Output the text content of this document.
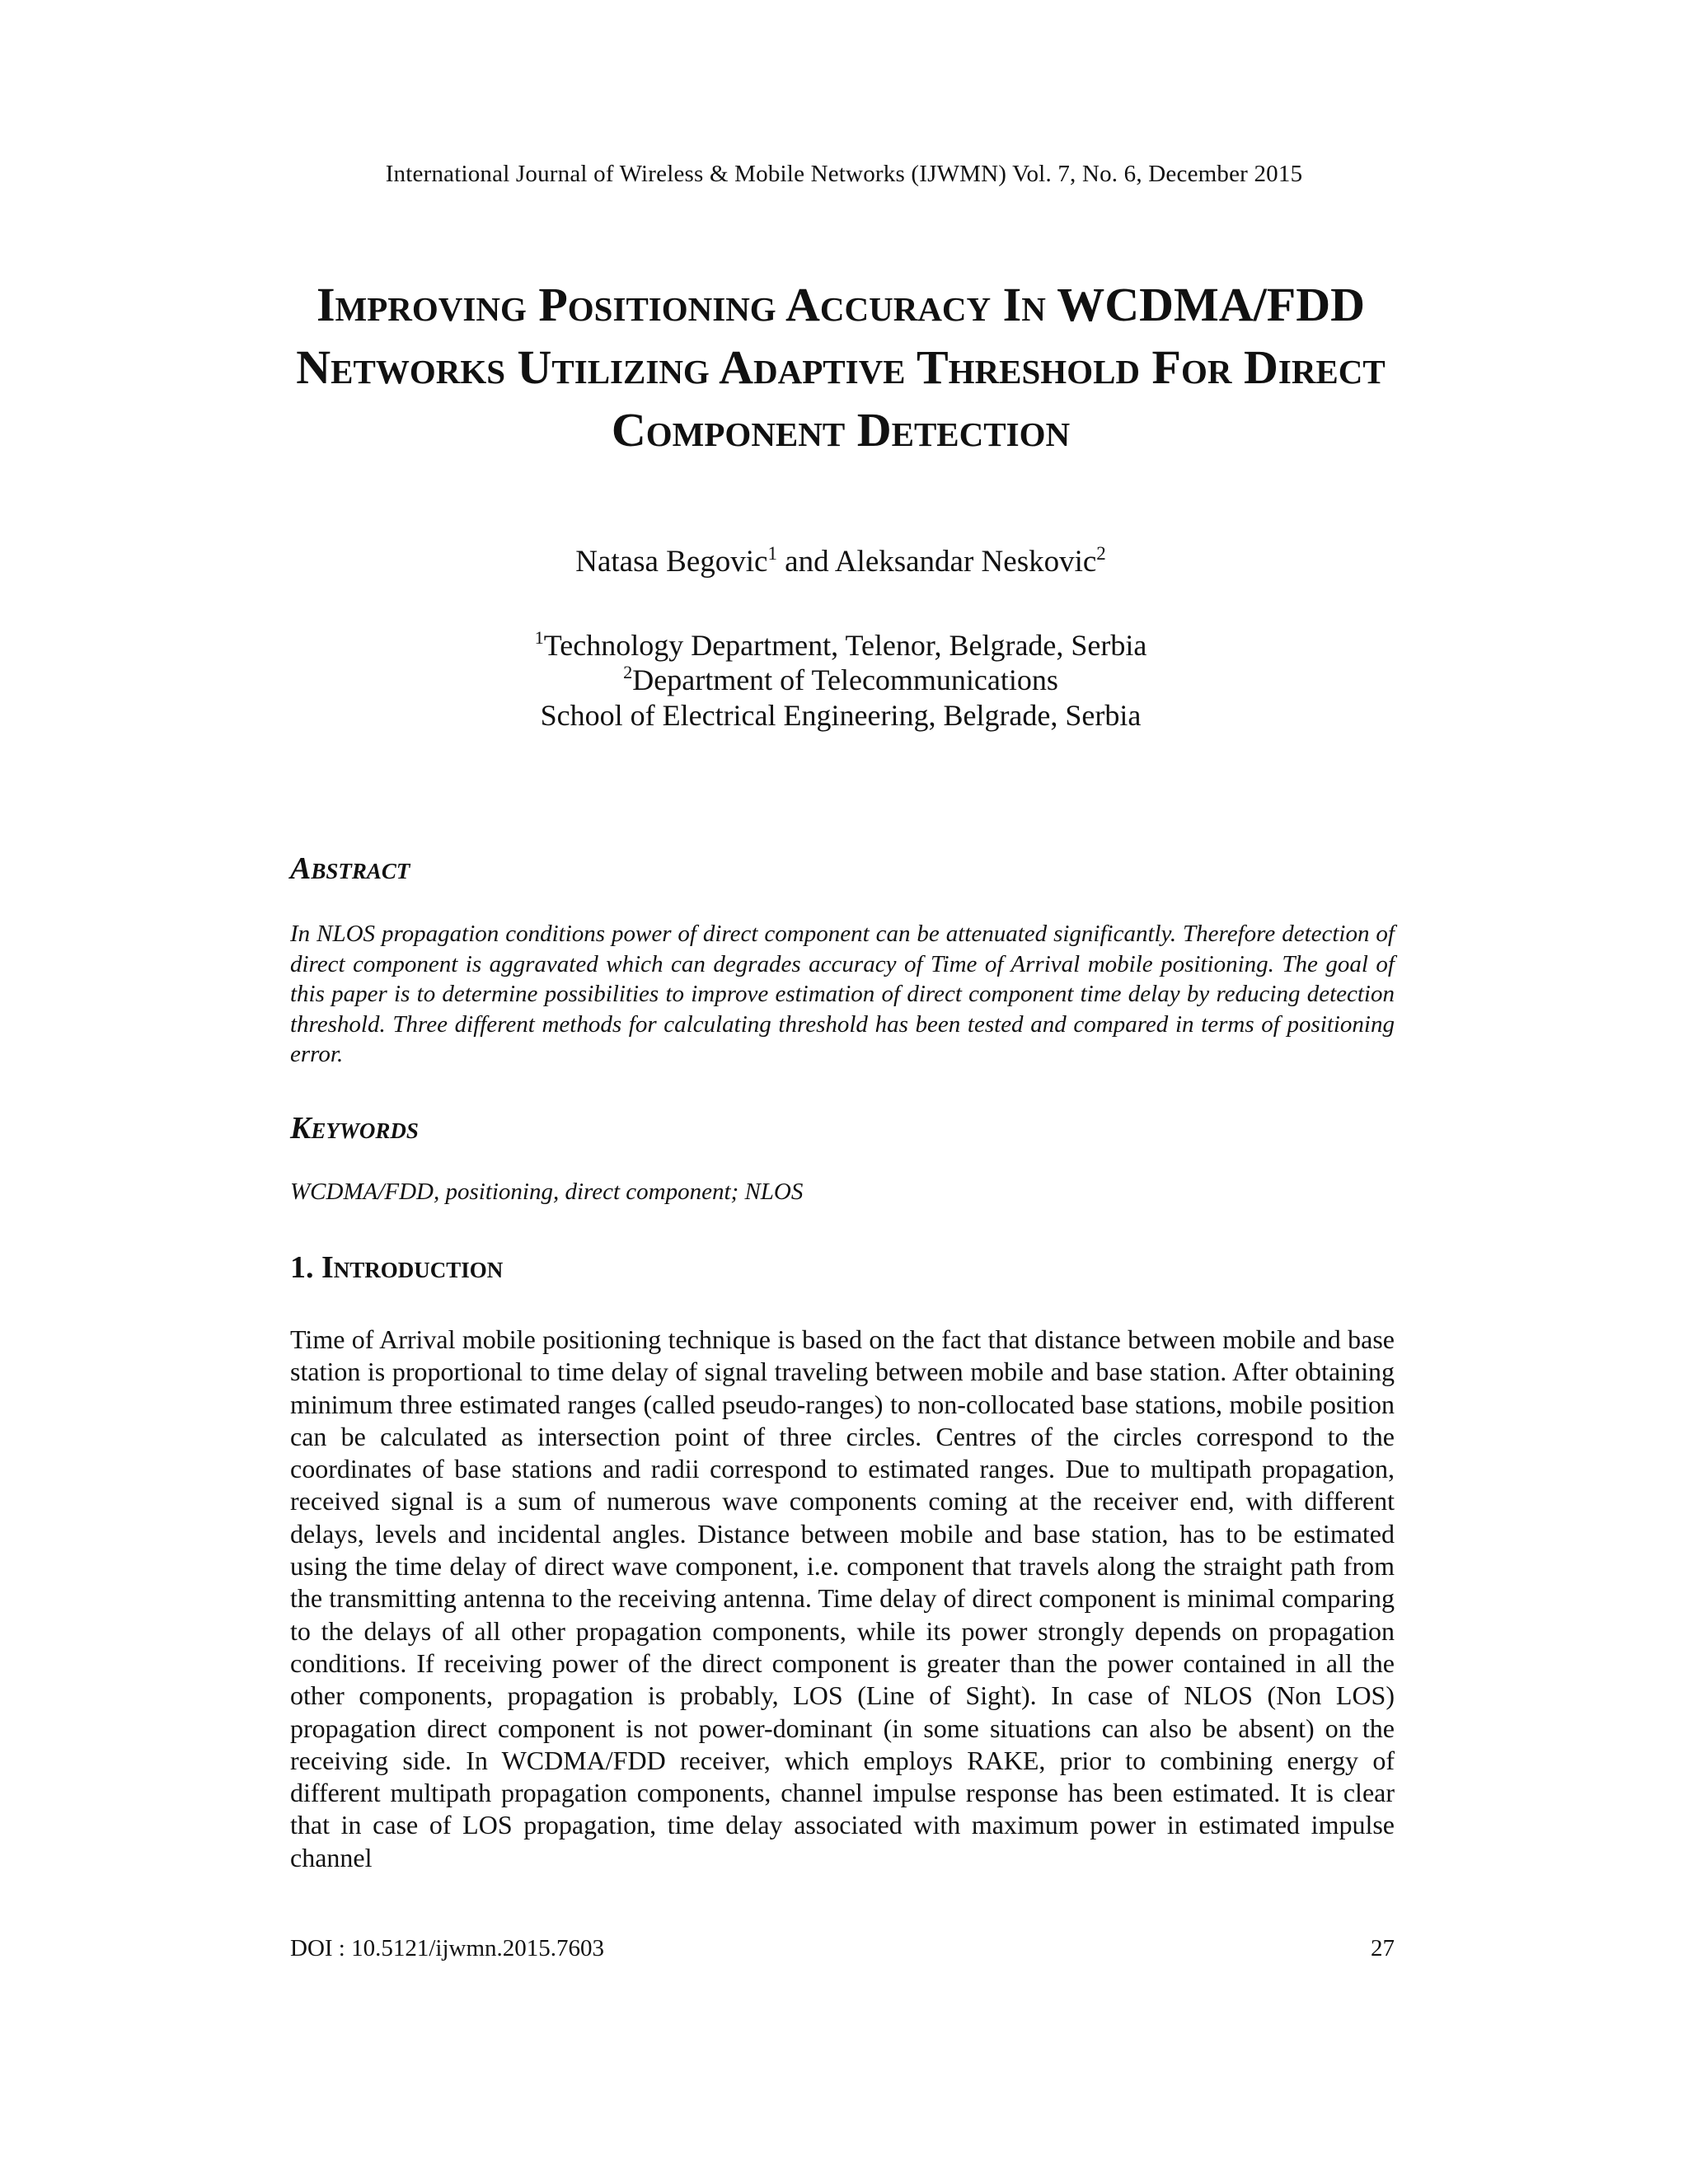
International Journal of Wireless & Mobile Networks (IJWMN) Vol. 7, No. 6, December 2015
Improving Positioning Accuracy In WCDMA/FDD Networks Utilizing Adaptive Threshold For Direct Component Detection
Natasa Begovic$^1$ and Aleksandar Neskovic$^2$
$^1$Technology Department, Telenor, Belgrade, Serbia
$^2$Department of Telecommunications
School of Electrical Engineering, Belgrade, Serbia
Abstract

In NLOS propagation conditions power of direct component can be attenuated significantly. Therefore detection of direct component is aggravated which can degrades accuracy of Time of Arrival mobile positioning. The goal of this paper is to determine possibilities to improve estimation of direct component time delay by reducing detection threshold. Three different methods for calculating threshold has been tested and compared in terms of positioning error.

Keywords

WCDMA/FDD, positioning, direct component; NLOS

1. Introduction

Time of Arrival mobile positioning technique is based on the fact that distance between mobile and base station is proportional to time delay of signal traveling between mobile and base station. After obtaining minimum three estimated ranges (called pseudo-ranges) to non-collocated base stations, mobile position can be calculated as intersection point of three circles. Centres of the circles correspond to the coordinates of base stations and radii correspond to estimated ranges. Due to multipath propagation, received signal is a sum of numerous wave components coming at the receiver end, with different delays, levels and incidental angles. Distance between mobile and base station, has to be estimated using the time delay of direct wave component, i.e. component that travels along the straight path from the transmitting antenna to the receiving antenna. Time delay of direct component is minimal comparing to the delays of all other propagation components, while its power strongly depends on propagation conditions. If receiving power of the direct component is greater than the power contained in all the other components, propagation is probably, LOS (Line of Sight). In case of NLOS (Non LOS) propagation direct component is not power-dominant (in some situations can also be absent) on the receiving side. In WCDMA/FDD receiver, which employs RAKE, prior to combining energy of different multipath propagation components, channel impulse response has been estimated. It is clear that in case of LOS propagation, time delay associated with maximum power in estimated impulse channel

DOI : 10.5121/ijwmn.2015.7603	27
